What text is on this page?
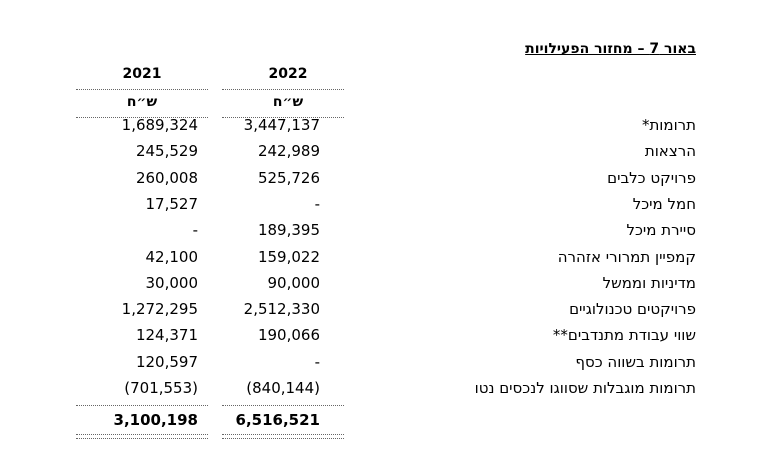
באור 7 – מחזור הפעילויות
2022
2021
ש״ח
ש״ח
תרומות*
3,447,137
1,689,324
הרצאות
242,989
245,529
פרויקט כלבים
525,726
260,008
חמל מיכל
-
17,527
סיירת מיכל
189,395
-
קמפיין תמרורי אזהרה
159,022
42,100
מדיניות וממשל
90,000
30,000
פרויקטים טכנולוגיים
2,512,330
1,272,295
שווי עבודת מתנדבים**
190,066
124,371
תרומות בשווה כסף
-
120,597
תרומות מוגבלות שסווגו לנכסים נטו
(840,144)
(701,553)
6,516,521
3,100,198
